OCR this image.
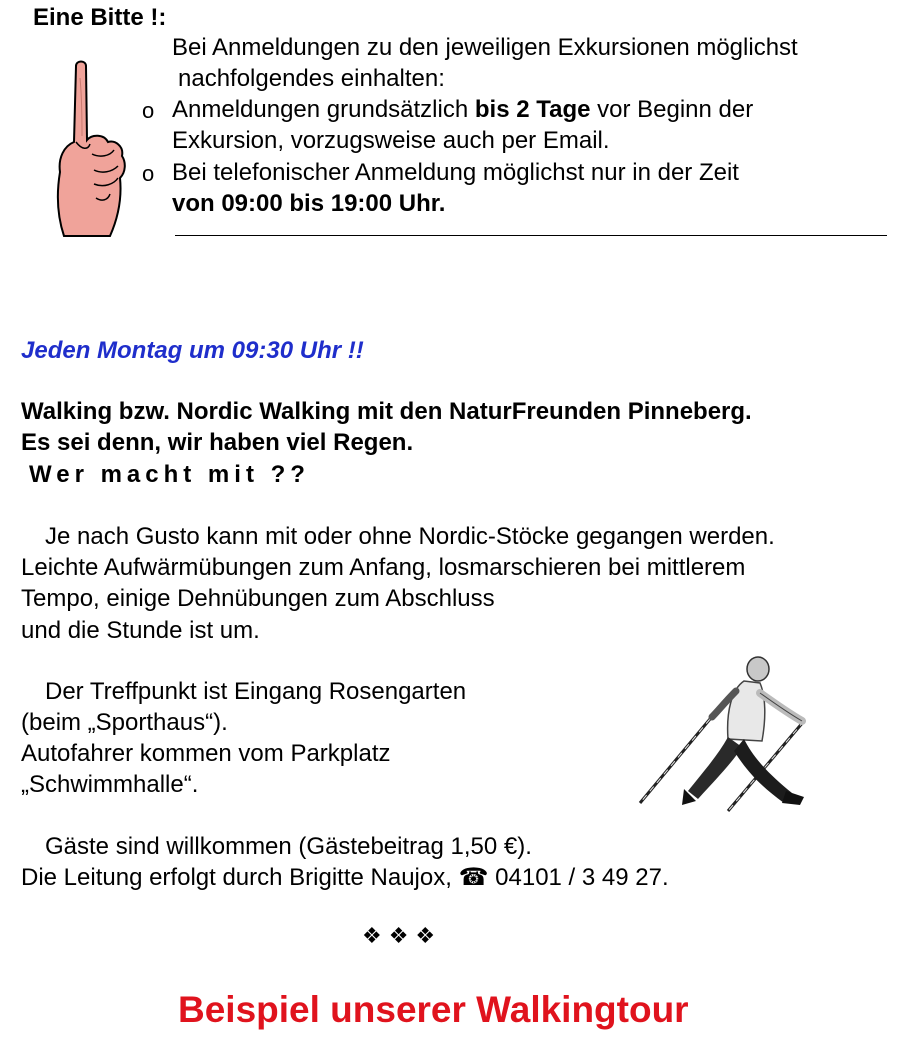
Eine Bitte !:
Bei Anmeldungen zu den jeweiligen Exkursionen möglichst
nachfolgendes einhalten:
o Anmeldungen grundsätzlich bis 2 Tage vor Beginn der
Exkursion, vorzugsweise auch per Email.
o Bei telefonischer Anmeldung möglichst nur in der Zeit
von 09:00 bis 19:00 Uhr.
Jeden Montag um 09:30 Uhr !!
Walking bzw. Nordic Walking mit den NaturFreunden Pinneberg.
Es sei denn, wir haben viel Regen.
Wer macht mit ??
Je nach Gusto kann mit oder ohne Nordic-Stöcke gegangen werden.
Leichte Aufwärmübungen zum Anfang, losmarschieren bei mittlerem
Tempo, einige Dehnübungen zum Abschluss
und die Stunde ist um.
Der Treffpunkt ist Eingang Rosengarten
(beim „Sporthaus“).
Autofahrer kommen vom Parkplatz
„Schwimmhalle“.
Gäste sind willkommen (Gästebeitrag 1,50 €).
Die Leitung erfolgt durch Brigitte Naujox, ☎ 04101 / 3 49 27.
❖ ❖ ❖
Beispiel unserer Walkingtour
